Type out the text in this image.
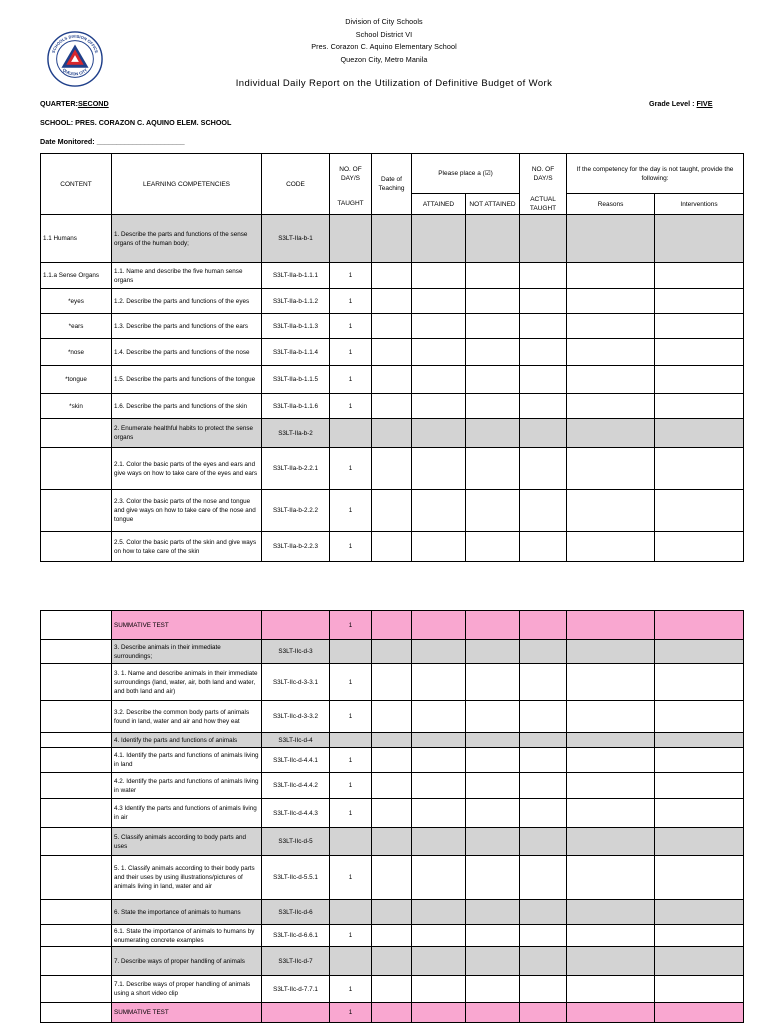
Division of City Schools
School District VI
Pres. Corazon C. Aquino Elementary School
Quezon City, Metro Manila
SCHOOLS DIVISION OFFICE
QUEZON CITY
Individual Daily Report on the Utilization of Definitive Budget of Work
QUARTER:SECOND	Grade Level : FIVE
SCHOOL: PRES. CORAZON C. AQUINO ELEM. SCHOOL
Date Monitored: ______________________
CONTENT	LEARNING COMPETENCIES	CODE	NO. OF DAY/S	Date of Teaching	Please place a (☑)		NO. OF DAY/S	If the competency for the day is not taught, provide the following:	
			TAUGHT		ATTAINED	NOT ATTAINED	ACTUAL TAUGHT	Reasons	Interventions
1.1 Humans	1. Describe the parts and functions of the sense organs of the human body;	S3LT-IIa-b-1							
1.1.a Sense Organs	1.1. Name and describe the five human sense organs	S3LT-IIa-b-1.1.1	1						
*eyes	1.2. Describe the parts and functions of the eyes	S3LT-IIa-b-1.1.2	1						
*ears	1.3. Describe the parts and functions of the ears	S3LT-IIa-b-1.1.3	1						
*nose	1.4. Describe the parts and functions of the nose	S3LT-IIa-b-1.1.4	1						
*tongue	1.5. Describe the parts and functions of the tongue	S3LT-IIa-b-1.1.5	1						
*skin	1.6. Describe the parts and functions of the skin	S3LT-IIa-b-1.1.6	1						
	2. Enumerate healthful habits to protect the sense organs	S3LT-IIa-b-2							
	2.1. Color the basic parts of the eyes and ears and give ways on how to take care of the eyes and ears	S3LT-IIa-b-2.2.1	1						
	2.3. Color the basic parts of the nose and tongue and give ways on how to take care of the nose and tongue	S3LT-IIa-b-2.2.2	1						
	2.5. Color the basic parts of the skin and give ways on how to take care of the skin	S3LT-IIa-b-2.2.3	1						
	SUMMATIVE TEST		1						
	3. Describe animals in their immediate surroundings;	S3LT-IIc-d-3							
	3. 1. Name and describe animals in their immediate surroundings (land, water, air, both land and water, and both land and air)	S3LT-IIc-d-3-3.1	1						
	3.2. Describe the common body parts of animals found in land, water and air and how they eat	S3LT-IIc-d-3-3.2	1						
	4. Identify the parts and functions of animals	S3LT-IIc-d-4							
	4.1. Identify the parts and functions of animals living in land	S3LT-IIc-d-4.4.1	1						
	4.2. Identify the parts and functions of animals living in water	S3LT-IIc-d-4.4.2	1						
	4.3 Identify the parts and functions of animals living in air	S3LT-IIc-d-4.4.3	1						
	5. Classify animals according to body parts and uses	S3LT-IIc-d-5							
	5. 1. Classify animals according to their body parts and their uses by using illustrations/pictures of animals living in land, water and air	S3LT-IIc-d-5.5.1	1						
	6. State the importance of animals to humans	S3LT-IIc-d-6							
	6.1. State the importance of animals to humans by enumerating concrete examples	S3LT-IIc-d-6.6.1	1						
	7. Describe ways of proper handling of animals	S3LT-IIc-d-7							
	7.1. Describe ways of proper handling of animals using a short video clip	S3LT-IIc-d-7.7.1	1						
	SUMMATIVE TEST		1						
